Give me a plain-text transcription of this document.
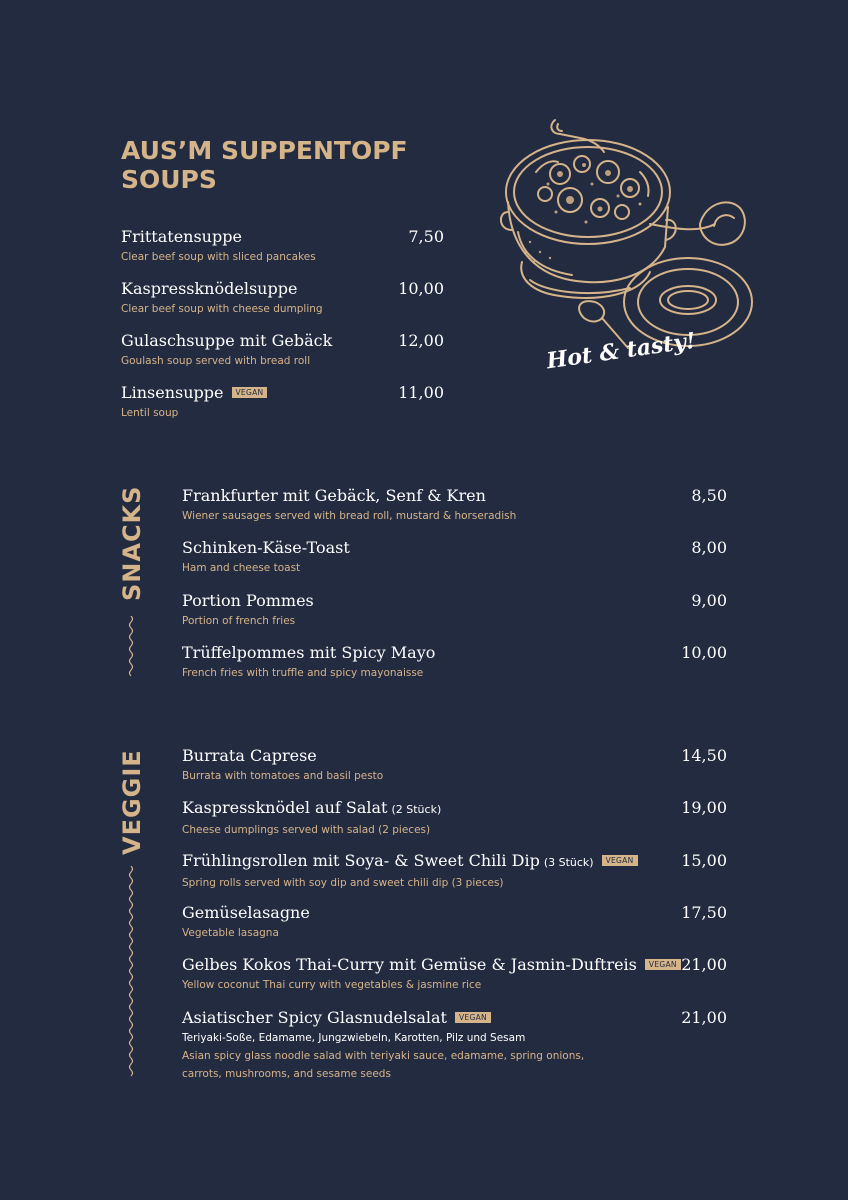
AUS’M SUPPENTOPF
SOUPS
Frittatensuppe
Clear beef soup with sliced pancakes
7,50
Kaspressknödelsuppe
Clear beef soup with cheese dumpling
10,00
Gulaschsuppe mit Gebäck
Goulash soup served with bread roll
12,00
Linsensuppe VEGAN
Lentil soup
11,00
Hot & tasty!
SNACKS Frankfurter mit Gebäck, Senf & Kren
Wiener sausages served with bread roll, mustard & horseradish
8,50
Schinken-Käse-Toast
Ham and cheese toast
8,00
Portion Pommes
Portion of french fries
9,00
Trüffelpommes mit Spicy Mayo
French fries with truffle and spicy mayonaisse
10,00
VEGGIE Burrata Caprese
Burrata with tomatoes and basil pesto
14,50
Kaspressknödel auf Salat (2 Stück)
Cheese dumplings served with salad (2 pieces)
19,00
Frühlingsrollen mit Soya- & Sweet Chili Dip (3 Stück) VEGAN
Spring rolls served with soy dip and sweet chili dip (3 pieces)
15,00
Gemüselasagne
Vegetable lasagna
17,50
Gelbes Kokos Thai-Curry mit Gemüse & Jasmin-Duftreis VEGAN
Yellow coconut Thai curry with vegetables & jasmine rice
21,00
Asiatischer Spicy Glasnudelsalat VEGAN
Teriyaki-Soße, Edamame, Jungzwiebeln, Karotten, Pilz und Sesam
Asian spicy glass noodle salad with teriyaki sauce, edamame, spring onions,
carrots, mushrooms, and sesame seeds
21,00
